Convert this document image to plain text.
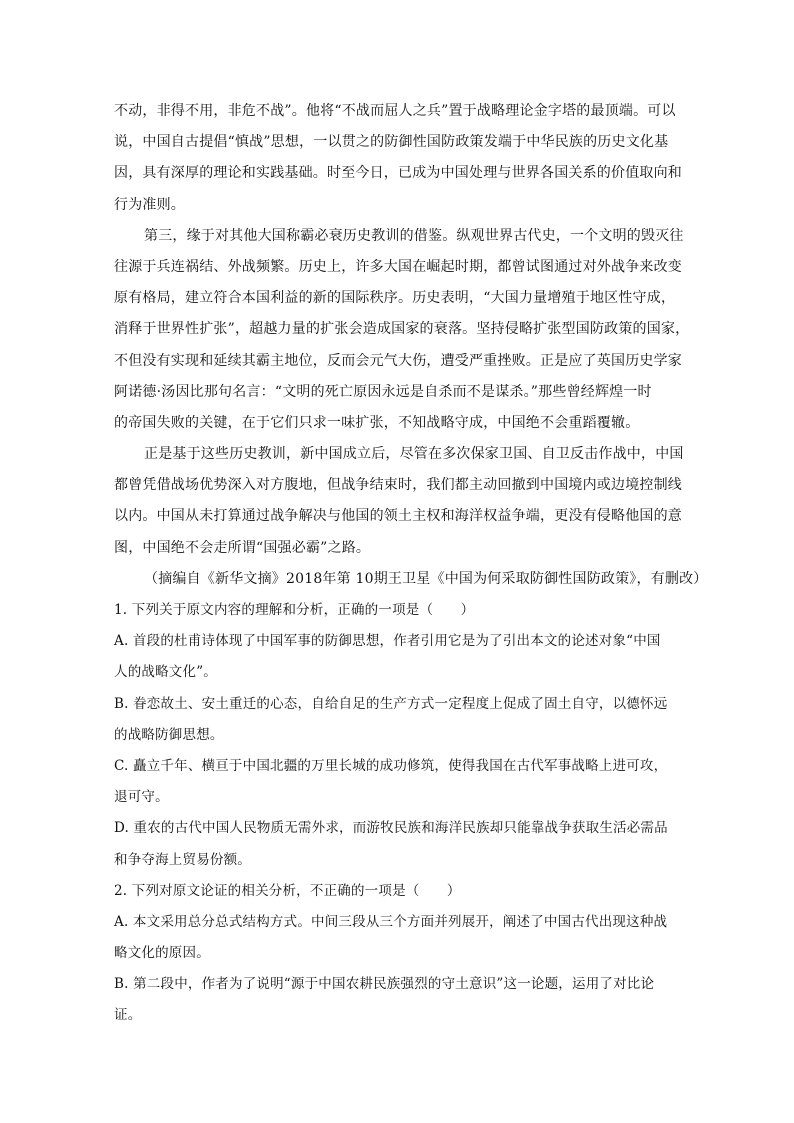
不动，非得不用，非危不战”。他将“不战而屈人之兵”置于战略理论金字塔的最顶端。可以
说，中国自古提倡“慎战”思想，一以贯之的防御性国防政策发端于中华民族的历史文化基
因，具有深厚的理论和实践基础。时至今日，已成为中国处理与世界各国关系的价值取向和
行为准则。
第三，缘于对其他大国称霸必衰历史教训的借鉴。纵观世界古代史，一个文明的毁灭往
往源于兵连祸结、外战频繁。历史上，许多大国在崛起时期，都曾试图通过对外战争来改变
原有格局，建立符合本国利益的新的国际秩序。历史表明，“大国力量增殖于地区性守成，
消释于世界性扩张”，超越力量的扩张会造成国家的衰落。坚持侵略扩张型国防政策的国家，
不但没有实现和延续其霸主地位，反而会元气大伤，遭受严重挫败。正是应了英国历史学家
阿诺德·汤因比那句名言：“文明的死亡原因永远是自杀而不是谋杀。”那些曾经辉煌一时
的帝国失败的关键，在于它们只求一味扩张，不知战略守成，中国绝不会重蹈覆辙。
正是基于这些历史教训，新中国成立后，尽管在多次保家卫国、自卫反击作战中，中国
都曾凭借战场优势深入对方腹地，但战争结束时，我们都主动回撤到中国境内或边境控制线
以内。中国从未打算通过战争解决与他国的领土主权和海洋权益争端，更没有侵略他国的意
图，中国绝不会走所谓“国强必霸”之路。
（摘编自《新华文摘》2018年第 10期王卫星《中国为何采取防御性国防政策》，有删改）
1. 下列关于原文内容的理解和分析，正确的一项是（　　）
A. 首段的杜甫诗体现了中国军事的防御思想，作者引用它是为了引出本文的论述对象“中国
人的战略文化”。
B. 眷恋故土、安土重迁的心态，自给自足的生产方式一定程度上促成了固土自守，以德怀远
的战略防御思想。
C. 矗立千年、横亘于中国北疆的万里长城的成功修筑，使得我国在古代军事战略上进可攻，
退可守。
D. 重农的古代中国人民物质无需外求，而游牧民族和海洋民族却只能靠战争获取生活必需品
和争夺海上贸易份额。
2. 下列对原文论证的相关分析，不正确的一项是（　　）
A. 本文采用总分总式结构方式。中间三段从三个方面并列展开，阐述了中国古代出现这种战
略文化的原因。
B. 第二段中，作者为了说明“源于中国农耕民族强烈的守土意识”这一论题，运用了对比论
证。
